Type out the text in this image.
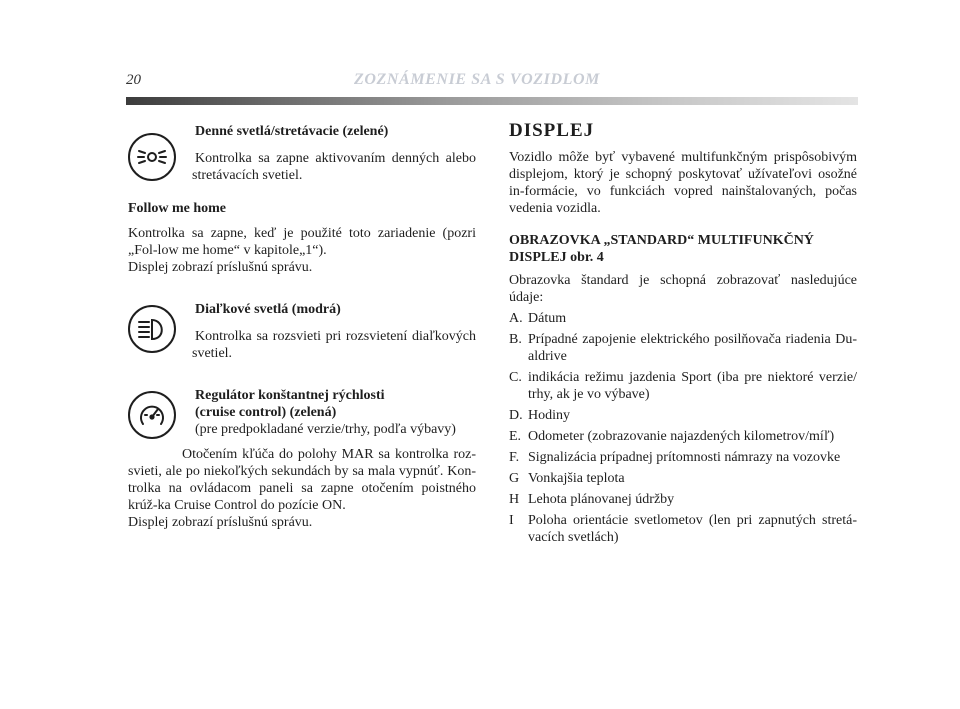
20	ZOZNÁMENIE SA S VOZIDLOM
Denné svetlá/stretávacie (zelené)
Kontrolka sa zapne aktivovaním denných alebo stretávacích svetiel.

Follow me home

Kontrolka sa zapne, keď je použité toto zariadenie (pozri „Fol-low me home“ v kapitole„1“).

Displej zobrazí príslušnú správu.

Diaľkové svetlá (modrá)
Kontrolka sa rozsvieti pri rozsvietení diaľkových svetiel.
Regulátor konštantnej rýchlosti
(cruise control) (zelená)
(pre predpokladané verzie/trhy, podľa výbavy)
Otočením kľúča do polohy MAR sa kontrolka roz-svieti, ale po niekoľkých sekundách by sa mala vypnúť. Kon-trolka na ovládacom paneli sa zapne otočením poistného krúž-ka Cruise Control do pozície ON.
Displej zobrazí príslušnú správu.
DISPLEJ

Vozidlo môže byť vybavené multifunkčným prispôsobivým displejom, ktorý je schopný poskytovať užívateľovi osožné in-formácie, vo funkciách vopred nainštalovaných, počas vedenia vozidla.

OBRAZOVKA „STANDARD“ MULTIFUNKČNÝ
DISPLEJ obr. 4

Obrazovka štandard je schopná zobrazovať nasledujúce údaje:

A. Dátum
B. Prípadné zapojenie elektrického posilňovača riadenia Du-aldrive
C. indikácia režimu jazdenia Sport (iba pre niektoré verzie/ trhy, ak je vo výbave)
D. Hodiny
E. Odometer (zobrazovanie najazdených kilometrov/míľ)
F. Signalizácia prípadnej prítomnosti námrazy na vozovke
G Vonkajšia teplota
H Lehota plánovanej údržby
I	Poloha orientácie svetlometov (len pri zapnutých stretá-vacích svetlách)
